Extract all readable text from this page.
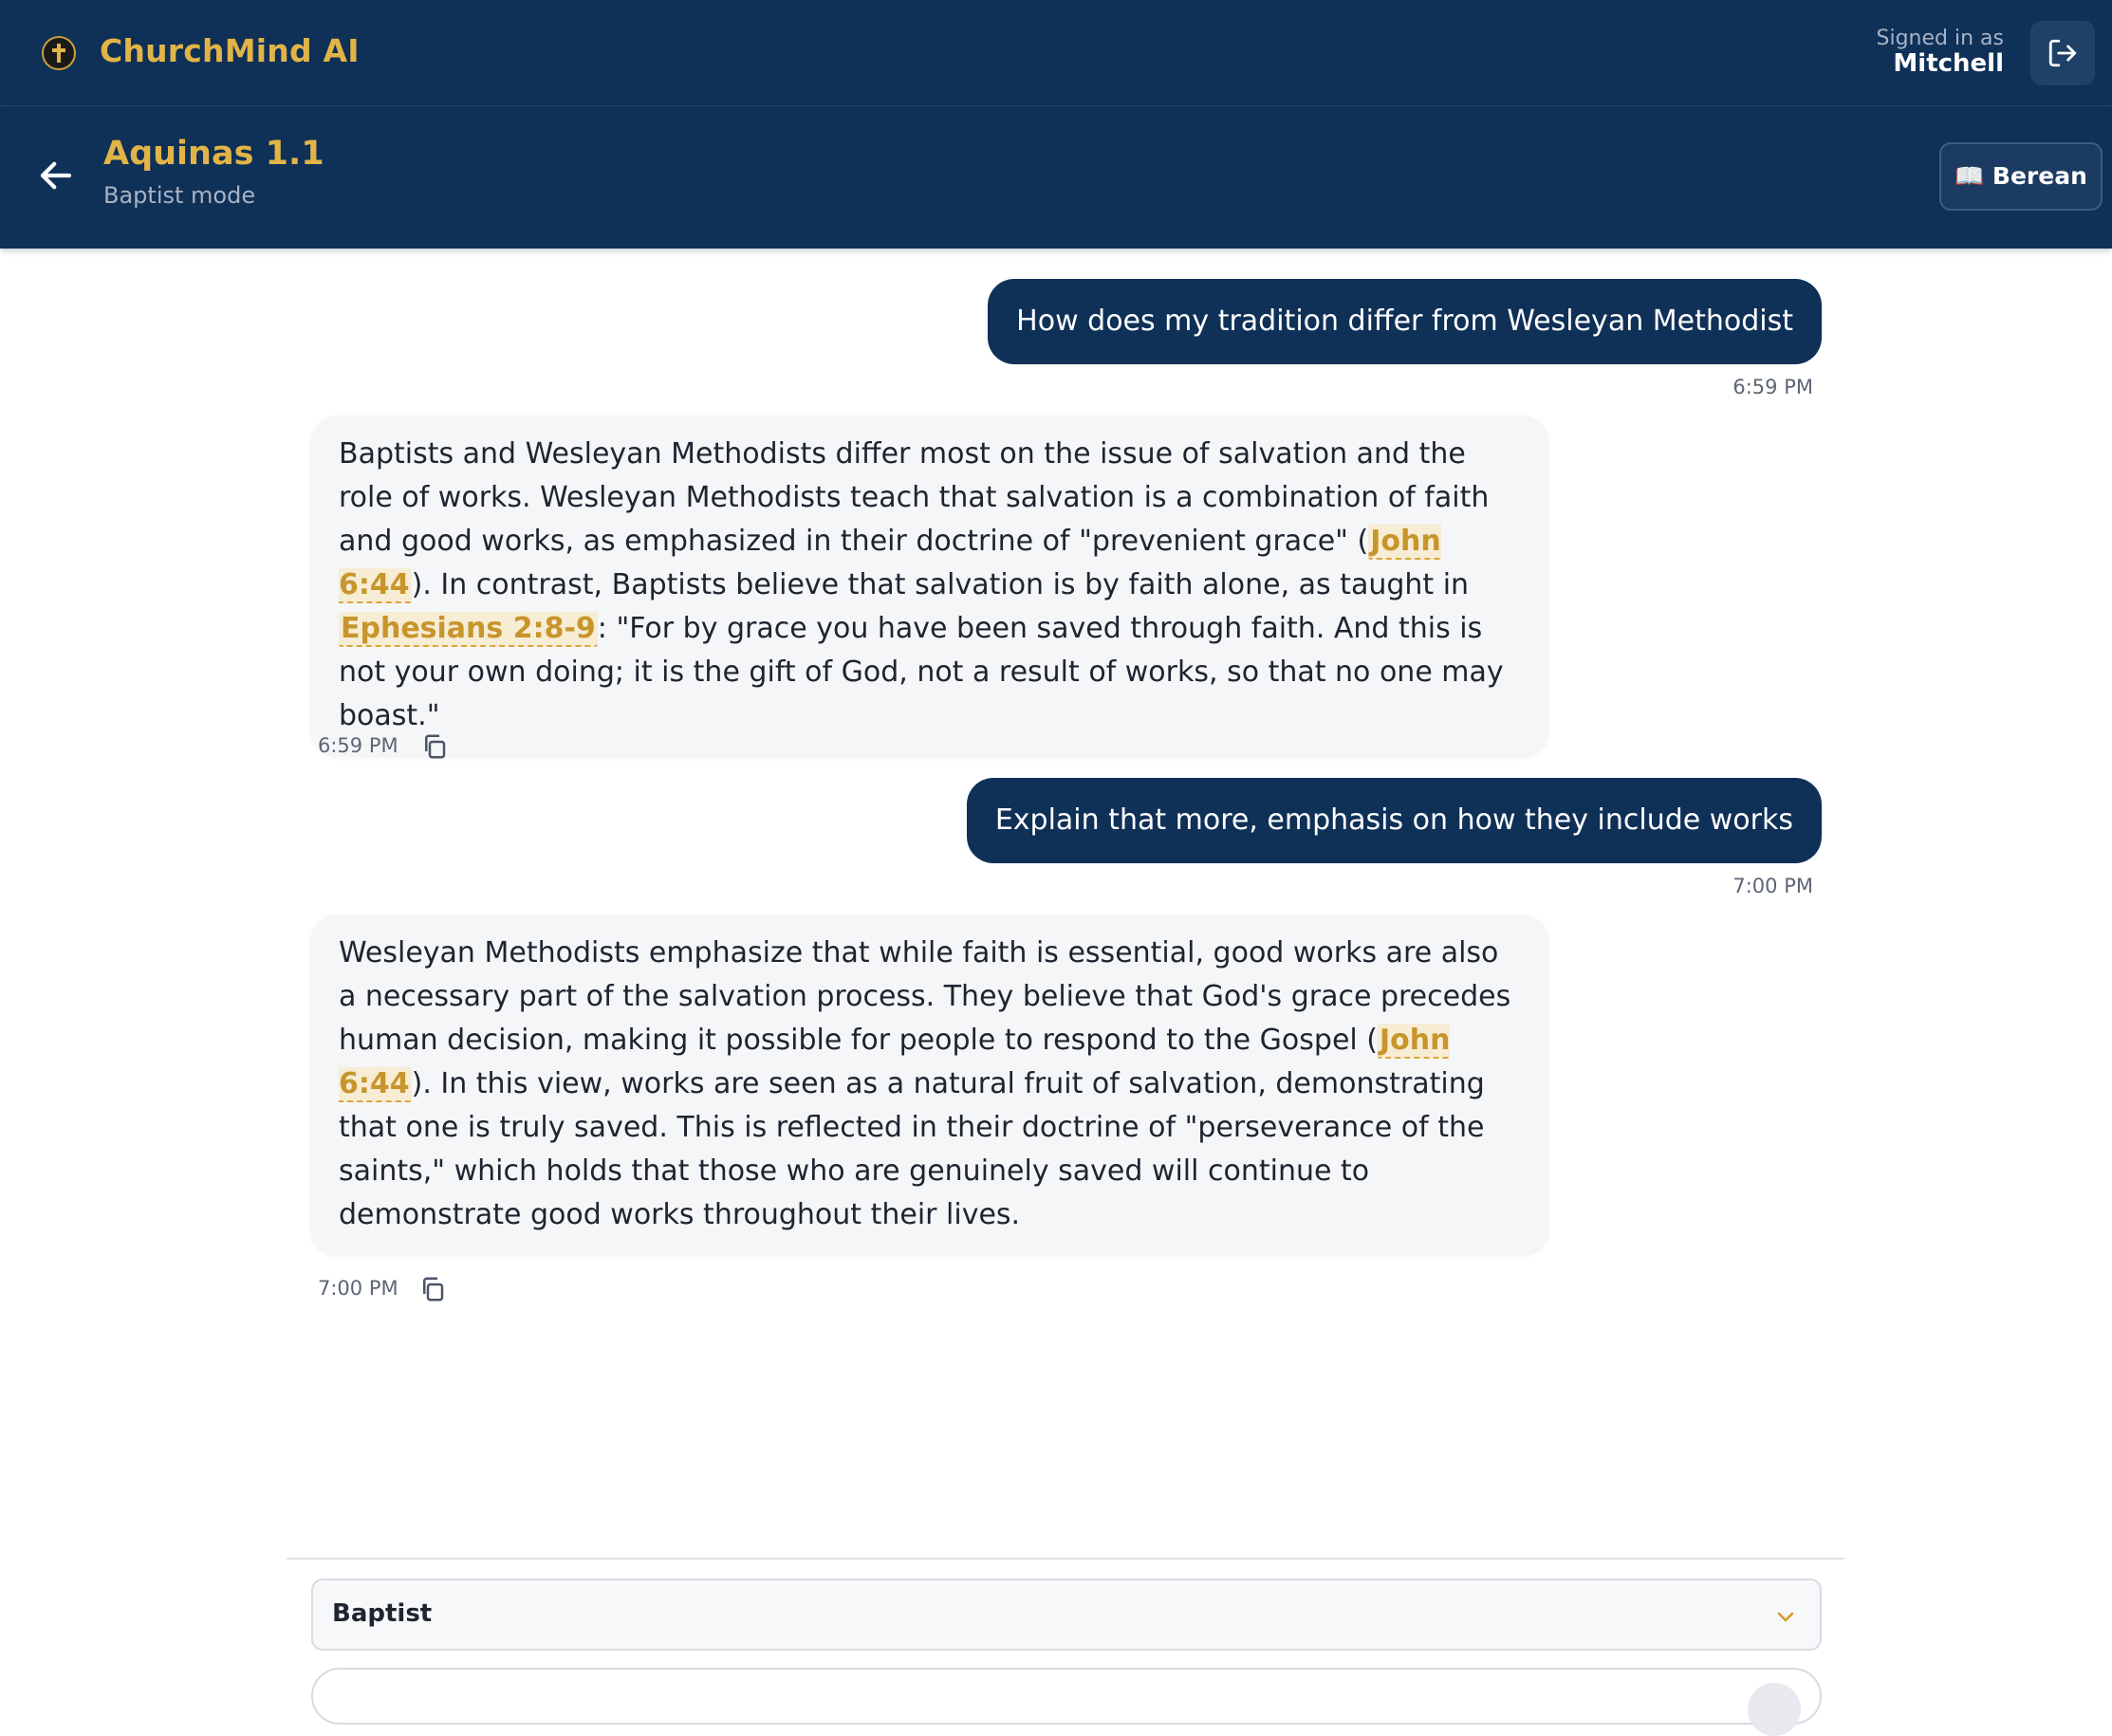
ChurchMind AI	Signed in as
Mitchell
Aquinas 1.1
Baptist mode
📖 Berean
How does my tradition differ from Wesleyan Methodist
6:59 PM
Baptists and Wesleyan Methodists differ most on the issue of salvation and the role of works. Wesleyan Methodists teach that salvation is a combination of faith and good works, as emphasized in their doctrine of "prevenient grace" (John 6:44). In contrast, Baptists believe that salvation is by faith alone, as taught in Ephesians 2:8-9: "For by grace you have been saved through faith. And this is not your own doing; it is the gift of God, not a result of works, so that no one may boast."
6:59 PM
Explain that more, emphasis on how they include works
7:00 PM
Wesleyan Methodists emphasize that while faith is essential, good works are also a necessary part of the salvation process. They believe that God's grace precedes human decision, making it possible for people to respond to the Gospel (John 6:44). In this view, works are seen as a natural fruit of salvation, demonstrating that one is truly saved. This is reflected in their doctrine of "perseverance of the saints," which holds that those who are genuinely saved will continue to demonstrate good works throughout their lives.
7:00 PM
Baptist
